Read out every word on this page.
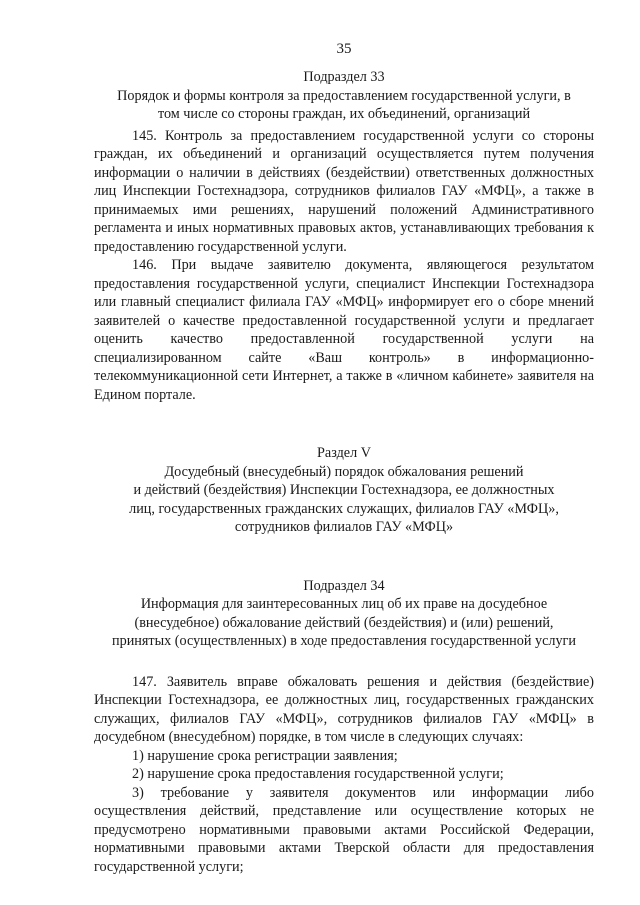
35
Подраздел 33
Порядок и формы контроля за предоставлением государственной услуги, в
том числе со стороны граждан, их объединений, организаций

145. Контроль за предоставлением государственной услуги со стороны граждан, их объединений и организаций осуществляется путем получения информации о наличии в действиях (бездействии) ответственных должностных лиц Инспекции Гостехнадзора, сотрудников филиалов ГАУ «МФЦ», а также в принимаемых ими решениях, нарушений положений Административного регламента и иных нормативных правовых актов, устанавливающих требования к предоставлению государственной услуги.

146. При выдаче заявителю документа, являющегося результатом предоставления государственной услуги, специалист Инспекции Гостехнадзора или главный специалист филиала ГАУ «МФЦ» информирует его о сборе мнений заявителей о качестве предоставленной государственной услуги и предлагает оценить качество предоставленной государственной услуги на специализированном сайте «Ваш контроль» в информационно-телекоммуникационной сети Интернет, а также в «личном кабинете» заявителя на Едином портале.

Раздел V
Досудебный (внесудебный) порядок обжалования решений
и действий (бездействия) Инспекции Гостехнадзора, ее должностных
лиц, государственных гражданских служащих, филиалов ГАУ «МФЦ»,
сотрудников филиалов ГАУ «МФЦ»
Подраздел 34
Информация для заинтересованных лиц об их праве на досудебное
(внесудебное) обжалование действий (бездействия) и (или) решений,
принятых (осуществленных) в ходе предоставления государственной услуги

147. Заявитель вправе обжаловать решения и действия (бездействие) Инспекции Гостехнадзора, ее должностных лиц, государственных гражданских служащих, филиалов ГАУ «МФЦ», сотрудников филиалов ГАУ «МФЦ» в досудебном (внесудебном) порядке, в том числе в следующих случаях:

1) нарушение срока регистрации заявления;

2) нарушение срока предоставления государственной услуги;

3) требование у заявителя документов или информации либо осуществления действий, представление или осуществление которых не предусмотрено нормативными правовыми актами Российской Федерации, нормативными правовыми актами Тверской области для предоставления государственной услуги;
